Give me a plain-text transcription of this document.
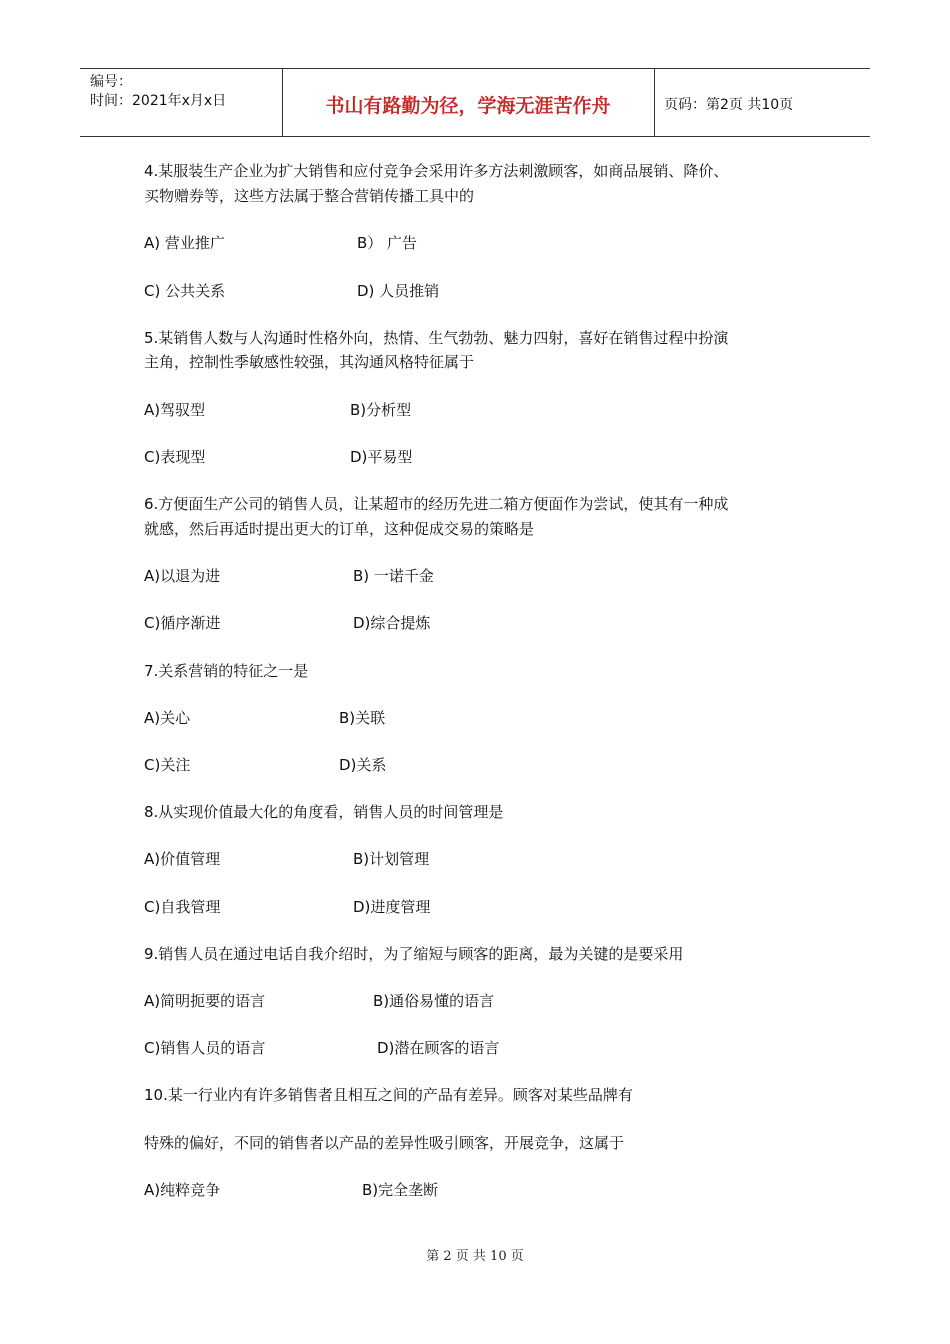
编号：
时间：2021年x月x日	书山有路勤为径，学海无涯苦作舟	页码：第2页 共10页
4.某服装生产企业为扩大销售和应付竞争会采用许多方法刺激顾客，如商品展销、降价、
买物赠券等，这些方法属于整合营销传播工具中的
A) 营业推广	B） 广告
C) 公共关系	D) 人员推销
5.某销售人数与人沟通时性格外向，热情、生气勃勃、魅力四射，喜好在销售过程中扮演
主角，控制性季敏感性较强，其沟通风格特征属于
A)驾驭型	B)分析型
C)表现型	D)平易型
6.方便面生产公司的销售人员，让某超市的经历先进二箱方便面作为尝试，使其有一种成
就感，然后再适时提出更大的订单，这种促成交易的策略是
A)以退为进	B) 一诺千金
C)循序渐进	D)综合提炼
7.关系营销的特征之一是
A)关心	B)关联
C)关注	D)关系
8.从实现价值最大化的角度看，销售人员的时间管理是
A)价值管理	B)计划管理
C)自我管理	D)进度管理
9.销售人员在通过电话自我介绍时，为了缩短与顾客的距离，最为关键的是要采用
A)简明扼要的语言	B)通俗易懂的语言
C)销售人员的语言	D)潜在顾客的语言
10.某一行业内有许多销售者且相互之间的产品有差异。顾客对某些品牌有
特殊的偏好，不同的销售者以产品的差异性吸引顾客，开展竞争，这属于
A)纯粹竞争	B)完全垄断
第 2 页 共 10 页
